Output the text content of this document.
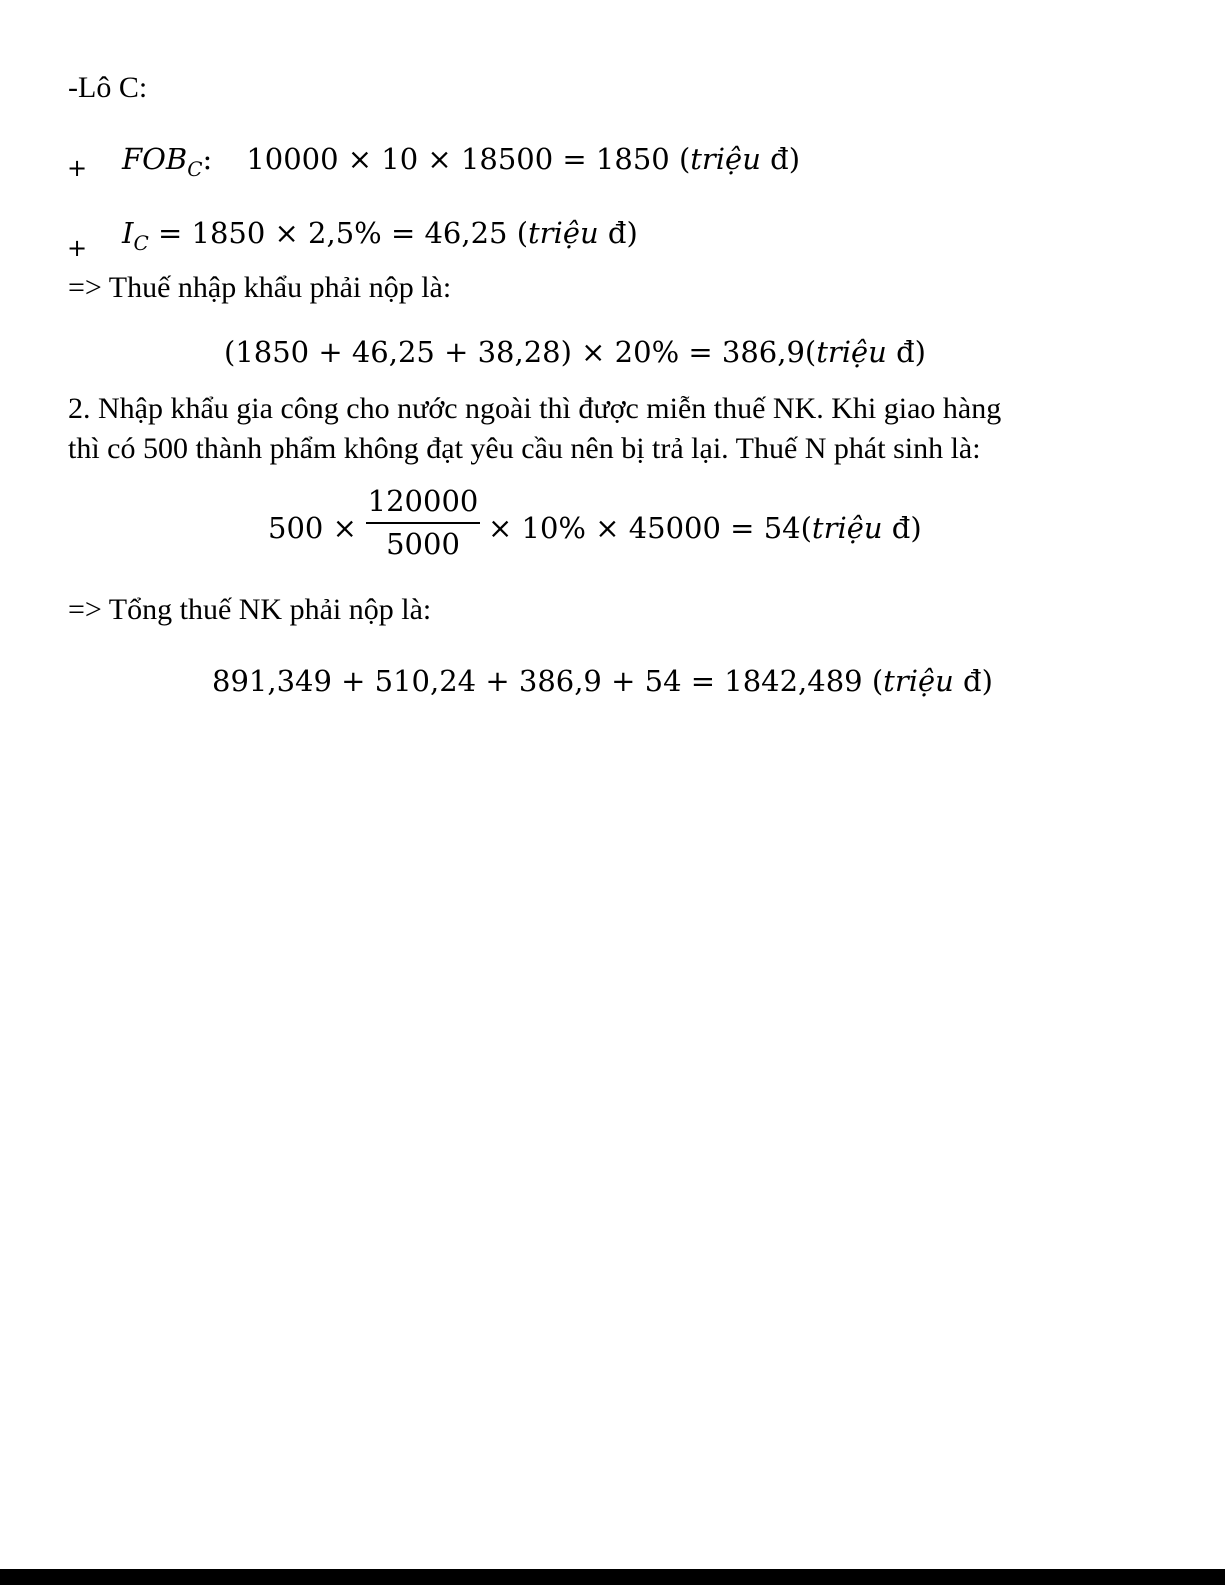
-Lô C:
+ $FOB_C$: 10000 × 10 × 18500 = 1850 (triệu đ)
+ $I_C = 1850 \times 2,5\% = 46,25$ (triệu đ)
=> Thuế nhập khẩu phải nộp là:
(1850 + 46,25 + 38,28) × 20% = 386,9(triệu đ)
2. Nhập khẩu gia công cho nước ngoài thì được miễn thuế NK. Khi giao hàng
thì có 500 thành phẩm không đạt yêu cầu nên bị trả lại. Thuế N phát sinh là:
500 ×
120000
5000 × 10% × 45000 = 54(triệu đ)
=> Tổng thuế NK phải nộp là:
891,349 + 510,24 + 386,9 + 54 = 1842,489 (triệu đ)
